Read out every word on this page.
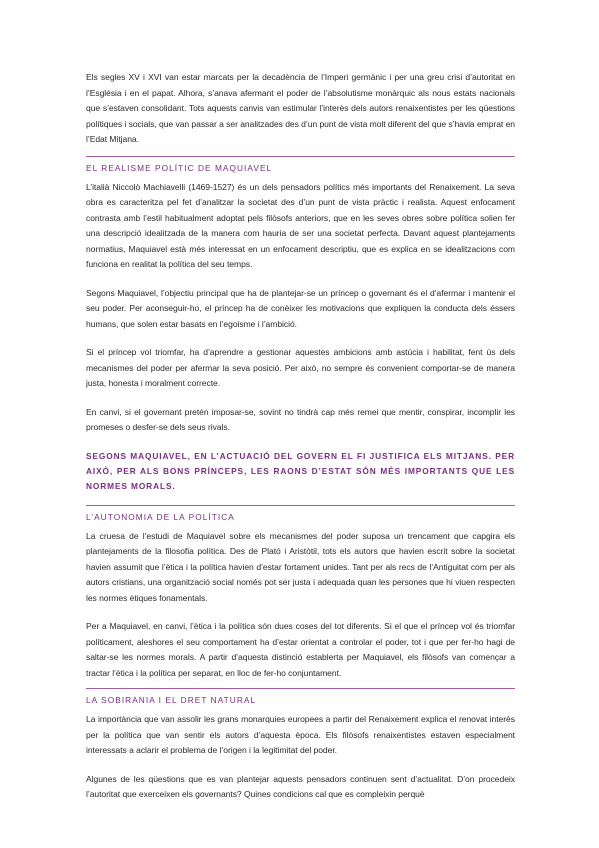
Els segles XV i XVI van estar marcats per la decadència de l’Imperi germànic i per una greu crisi d’autoritat en l’Església i en el papat. Alhora, s’anava afermant el poder de l’absolutisme monàrquic als nous estats nacionals que s’estaven consolidant. Tots aquests canvis van estimular l’interès dels autors renaixentistes per les qüestions polítiques i socials, que van passar a ser analitzades des d’un punt de vista molt diferent del que s’havia emprat en l’Edat Mitjana.

EL REALISME POLÍTIC DE MAQUIAVEL

L’italià Niccolò Machiavelli (1469-1527) és un dels pensadors polítics més importants del Renaixement. La seva obra es caracteritza pel fet d’analitzar la societat des d’un punt de vista pràctic i realista. Aquest enfocament contrasta amb l’estil habitualment adoptat pels filòsofs anteriors, que en les seves obres sobre política solien fer una descripció idealitzada de la manera com hauria de ser una societat perfecta. Davant aquest plantejaments normatius, Maquiavel està més interessat en un enfocament descriptiu, que es explica en se idealitzacions com funciona en realitat la política del seu temps.

Segons Maquiavel, l’objectiu principal que ha de plantejar-se un príncep o governant és el d’afermar i mantenir el seu poder. Per aconseguir-ho, el príncep ha de conèixer les motivacions que expliquen la conducta dels éssers humans, que solen estar basats en l’egoisme i l’ambició.

Si el príncep vol triomfar, ha d’aprendre a gestionar aquestes ambicions amb astúcia i habilitat, fent ús dels mecanismes del poder per afermar la seva posició. Per això, no sempre és convenient comportar-se de manera justa, honesta i moralment correcte.

En canvi, si el governant pretén imposar-se, sovint no tindrà cap més remei que mentir, conspirar, incomplir les promeses o desfer-se dels seus rivals.

SEGONS MAQUIAVEL, EN L’ACTUACIÓ DEL GOVERN EL FI JUSTIFICA ELS MITJANS. PER AIXÒ, PER ALS BONS PRÍNCEPS, LES RAONS D’ESTAT SÓN MÉS IMPORTANTS QUE LES NORMES MORALS.
L’AUTONOMIA DE LA POLÍTICA

La cruesa de l’estudi de Maquiavel sobre els mecanismes del poder suposa un trencament que capgira els plantejaments de la filosofia política. Des de Plató i Aristòtil, tots els autors que havien escrit sobre la societat havien assumit que l’ètica i la política havien d’estar fortament unides. Tant per als recs de l’Antiguitat com per als autors cristians, una organització social només pot ser justa i adequada quan les persones que hi viuen respecten les normes ètiques fonamentals.

Per a Maquiavel, en canvi, l’ètica i la política són dues coses del tot diferents. Si el que el príncep vol és triomfar políticament, aleshores el seu comportament ha d’estar orientat a controlar el poder, tot i que per fer-ho hagi de saltar-se les normes morals. A partir d’aquesta distinció establerta per Maquiavel, els filòsofs van començar a tractar l’ètica i la política per separat, en lloc de fer-ho conjuntament.

LA SOBIRANIA I EL DRET NATURAL

La importància que van assolir les grans monarquies europees a partir del Renaixement explica el renovat interès per la política que van sentir els autors d’aquesta època. Els filòsofs renaixentistes estaven especialment interessats a aclarir el problema de l’origen i la legitimitat del poder.

Algunes de les qüestions que es van plantejar aquests pensadors continuen sent d’actualitat. D’on procedeix l’autoritat que exerceixen els governants? Quines condicions cal que es compleixin perquè
